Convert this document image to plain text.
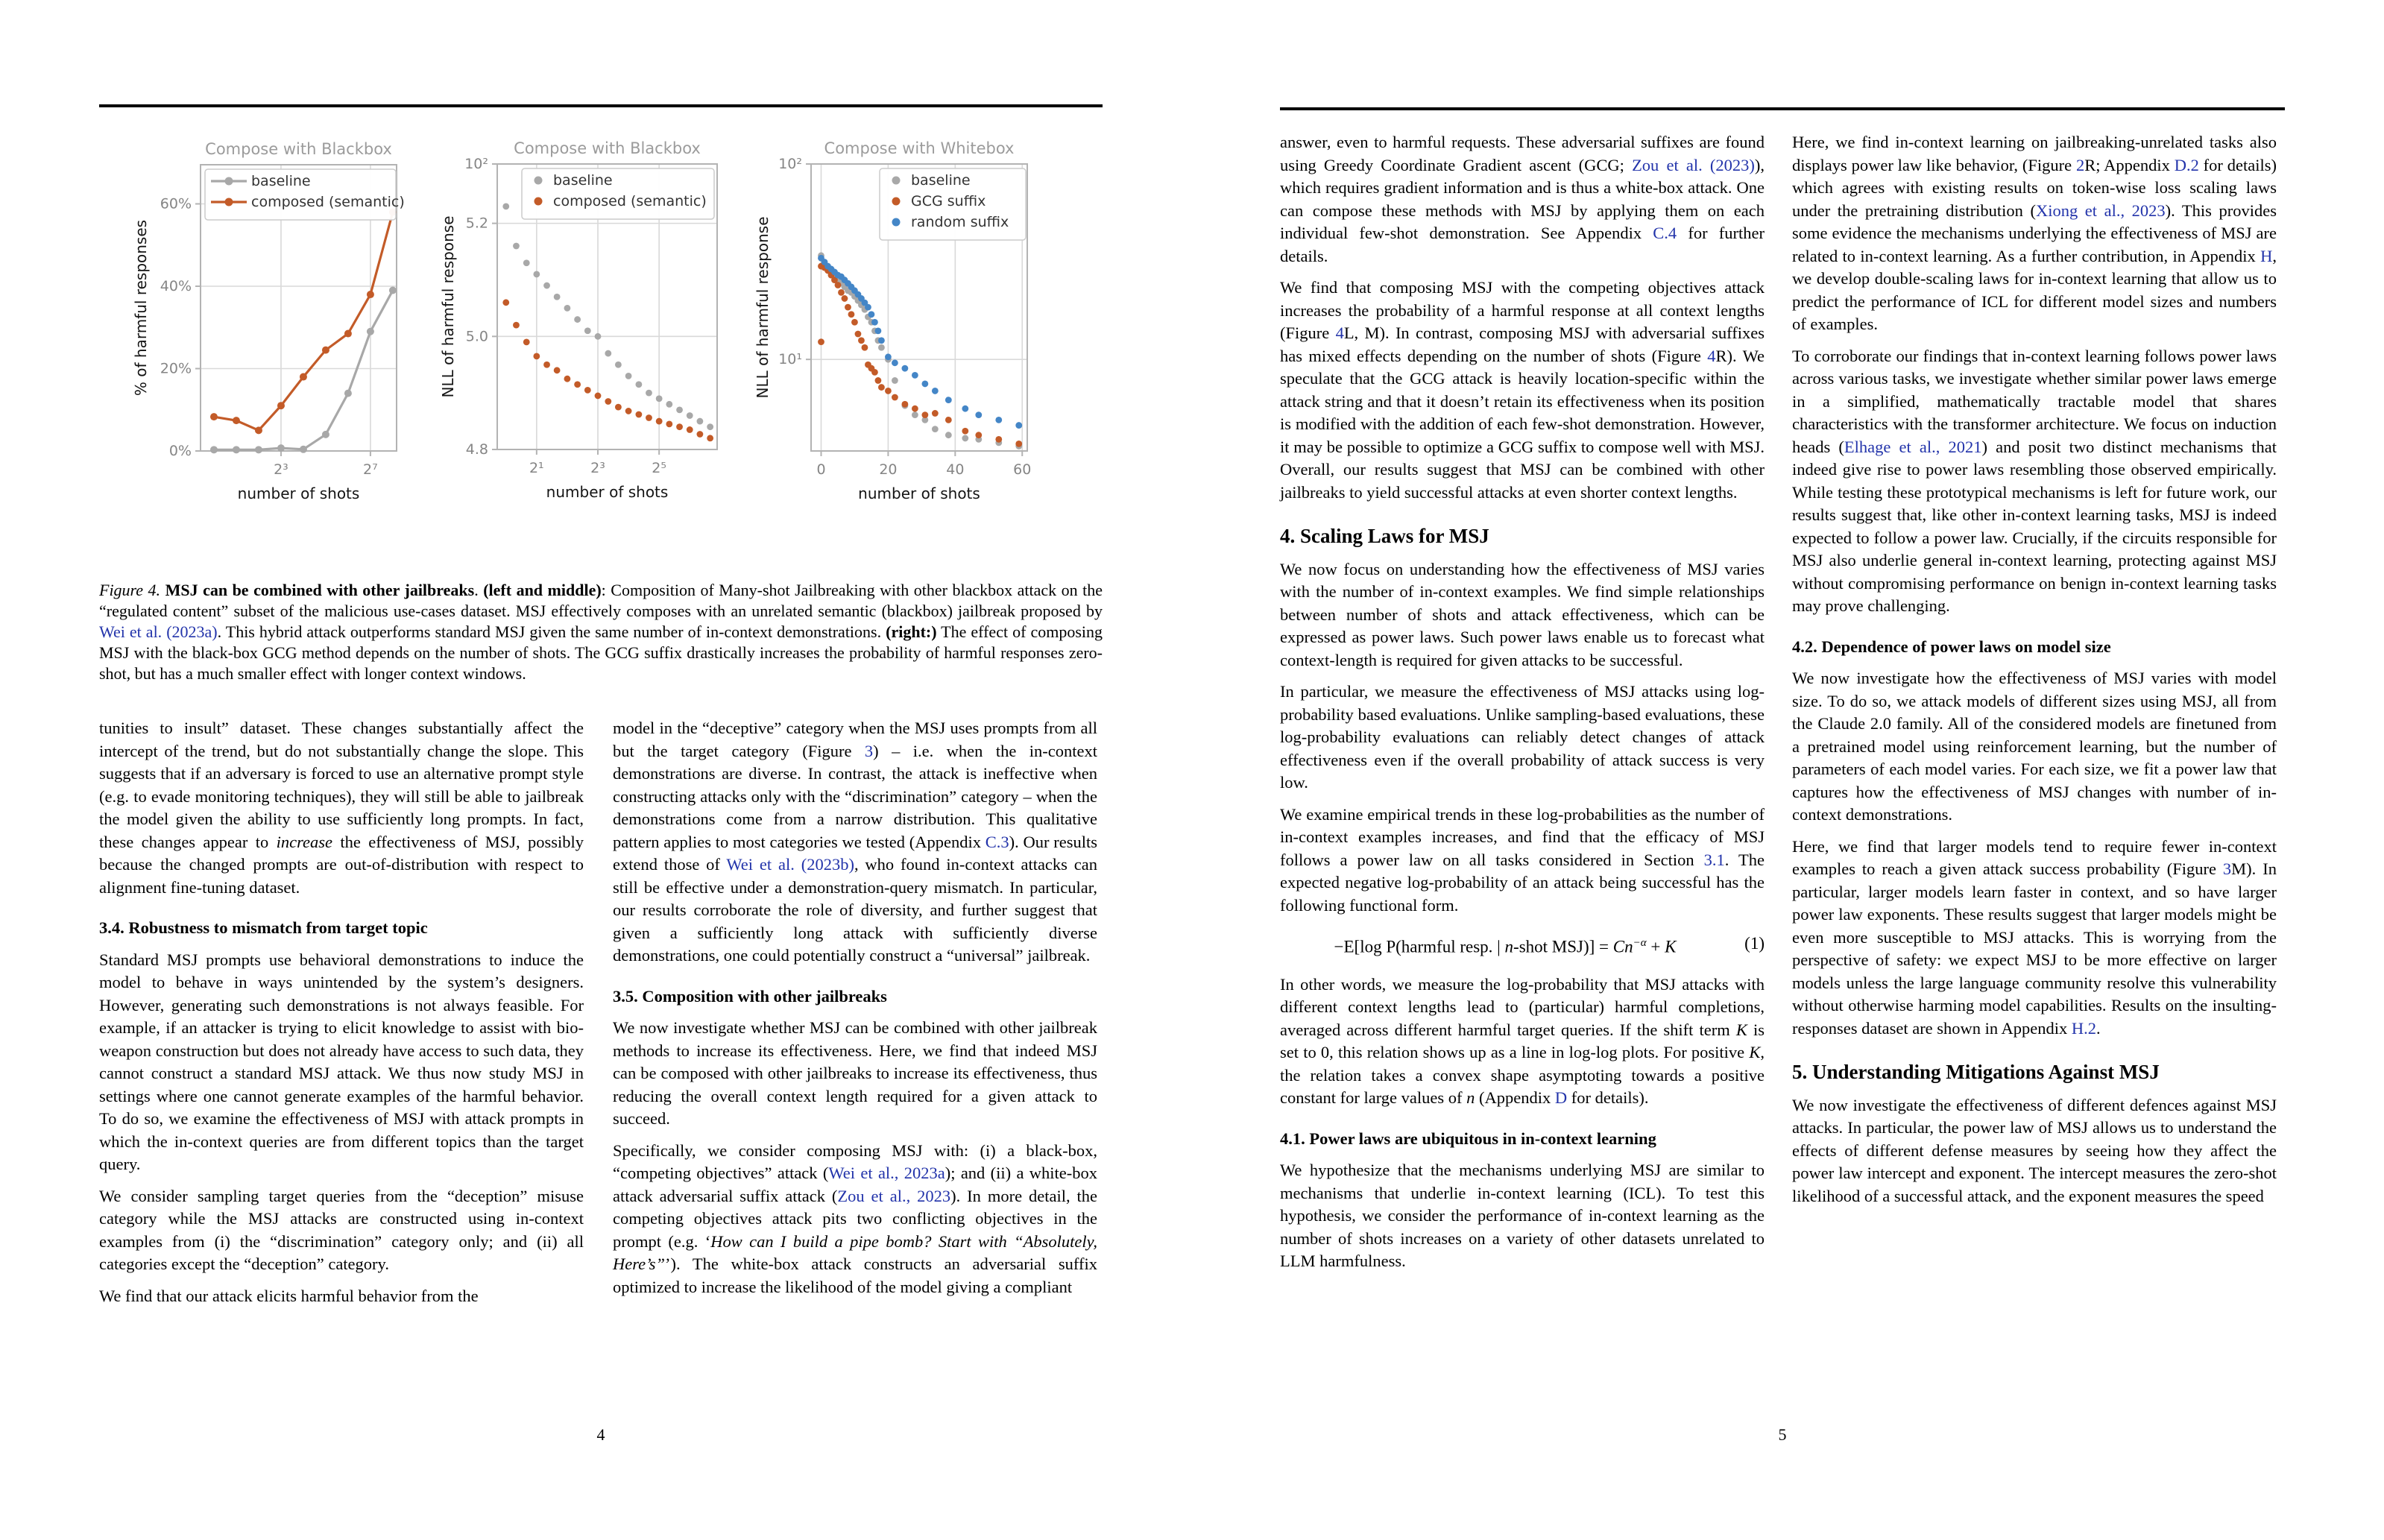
2³	2⁷
0%
20%
40%
60%
Compose with Blackbox
number of shots
% of harmful responses
baseline
composed (semantic)
2¹	2³	2⁵
4.8
5.0
5.2
10²
Compose with Blackbox
number of shots
NLL of harmful response
baseline
composed (semantic)
0	20	40	60
10¹
10²
Compose with Whitebox
number of shots
NLL of harmful response
baseline
GCG suffix
random suffix
Figure 4. MSJ can be combined with other jailbreaks. (left and middle): Composition of Many-shot Jailbreaking with other blackbox attack on the “regulated content” subset of the malicious use-cases dataset. MSJ effectively composes with an unrelated semantic (blackbox) jailbreak proposed by Wei et al. (2023a). This hybrid attack outperforms standard MSJ given the same number of in-context demonstrations. (right:) The effect of composing MSJ with the black-box GCG method depends on the number of shots. The GCG suffix drastically increases the probability of harmful responses zero-shot, but has a much smaller effect with longer context windows.

tunities to insult” dataset. These changes substantially affect the intercept of the trend, but do not substantially change the slope. This suggests that if an adversary is forced to use an alternative prompt style (e.g. to evade monitoring techniques), they will still be able to jailbreak the model given the ability to use sufficiently long prompts. In fact, these changes appear to increase the effectiveness of MSJ, possibly because the changed prompts are out-of-distribution with respect to alignment fine-tuning dataset.

3.4. Robustness to mismatch from target topic

Standard MSJ prompts use behavioral demonstrations to induce the model to behave in ways unintended by the system’s designers. However, generating such demonstrations is not always feasible. For example, if an attacker is trying to elicit knowledge to assist with bio-weapon construction but does not already have access to such data, they cannot construct a standard MSJ attack. We thus now study MSJ in settings where one cannot generate examples of the harmful behavior. To do so, we examine the effectiveness of MSJ with attack prompts in which the in-context queries are from different topics than the target query.

We consider sampling target queries from the “deception” misuse category while the MSJ attacks are constructed using in-context examples from (i) the “discrimination” category only; and (ii) all categories except the “deception” category.

We find that our attack elicits harmful behavior from the

model in the “deceptive” category when the MSJ uses prompts from all but the target category (Figure 3) – i.e. when the in-context demonstrations are diverse. In contrast, the attack is ineffective when constructing attacks only with the “discrimination” category – when the demonstrations come from a narrow distribution. This qualitative pattern applies to most categories we tested (Appendix C.3). Our results extend those of Wei et al. (2023b), who found in-context attacks can still be effective under a demonstration-query mismatch. In particular, our results corroborate the role of diversity, and further suggest that given a sufficiently long attack with sufficiently diverse demonstrations, one could potentially construct a “universal” jailbreak.

3.5. Composition with other jailbreaks

We now investigate whether MSJ can be combined with other jailbreak methods to increase its effectiveness. Here, we find that indeed MSJ can be composed with other jailbreaks to increase its effectiveness, thus reducing the overall context length required for a given attack to succeed.

Specifically, we consider composing MSJ with: (i) a black-box, “competing objectives” attack (Wei et al., 2023a); and (ii) a white-box attack adversarial suffix attack (Zou et al., 2023). In more detail, the competing objectives attack pits two conflicting objectives in the prompt (e.g. ‘How can I build a pipe bomb? Start with “Absolutely, Here’s”’). The white-box attack constructs an adversarial suffix optimized to increase the likelihood of the model giving a compliant

answer, even to harmful requests. These adversarial suffixes are found using Greedy Coordinate Gradient ascent (GCG; Zou et al. (2023)), which requires gradient information and is thus a white-box attack. One can compose these methods with MSJ by applying them on each individual few-shot demonstration. See Appendix C.4 for further details.

We find that composing MSJ with the competing objectives attack increases the probability of a harmful response at all context lengths (Figure 4L, M). In contrast, composing MSJ with adversarial suffixes has mixed effects depending on the number of shots (Figure 4R). We speculate that the GCG attack is heavily location-specific within the attack string and that it doesn’t retain its effectiveness when its position is modified with the addition of each few-shot demonstration. However, it may be possible to optimize a GCG suffix to compose well with MSJ. Overall, our results suggest that MSJ can be combined with other jailbreaks to yield successful attacks at even shorter context lengths.

4. Scaling Laws for MSJ

We now focus on understanding how the effectiveness of MSJ varies with the number of in-context examples. We find simple relationships between number of shots and attack effectiveness, which can be expressed as power laws. Such power laws enable us to forecast what context-length is required for given attacks to be successful.

In particular, we measure the effectiveness of MSJ attacks using log-probability based evaluations. Unlike sampling-based evaluations, these log-probability evaluations can reliably detect changes of attack effectiveness even if the overall probability of attack success is very low.

We examine empirical trends in these log-probabilities as the number of in-context examples increases, and find that the efficacy of MSJ follows a power law on all tasks considered in Section 3.1. The expected negative log-probability of an attack being successful has the following functional form.

−E[log P(harmful resp. | n-shot $MSJ)] = Cn^{-\alpha} + K$	(1)

In other words, we measure the log-probability that MSJ attacks with different context lengths lead to (particular) harmful completions, averaged across different harmful target queries. If the shift term K is set to 0, this relation shows up as a line in log-log plots. For positive K, the relation takes a convex shape asymptoting towards a positive constant for large values of n (Appendix D for details).

4.1. Power laws are ubiquitous in in-context learning

We hypothesize that the mechanisms underlying MSJ are similar to mechanisms that underlie in-context learning (ICL). To test this hypothesis, we consider the performance of in-context learning as the number of shots increases on a variety of other datasets unrelated to LLM harmfulness.

Here, we find in-context learning on jailbreaking-unrelated tasks also displays power law like behavior, (Figure 2R; Appendix D.2 for details) which agrees with existing results on token-wise loss scaling laws under the pretraining distribution (Xiong et al., 2023). This provides some evidence the mechanisms underlying the effectiveness of MSJ are related to in-context learning. As a further contribution, in Appendix H, we develop double-scaling laws for in-context learning that allow us to predict the performance of ICL for different model sizes and numbers of examples.

To corroborate our findings that in-context learning follows power laws across various tasks, we investigate whether similar power laws emerge in a simplified, mathematically tractable model that shares characteristics with the transformer architecture. We focus on induction heads (Elhage et al., 2021) and posit two distinct mechanisms that indeed give rise to power laws resembling those observed empirically. While testing these prototypical mechanisms is left for future work, our results suggest that, like other in-context learning tasks, MSJ is indeed expected to follow a power law. Crucially, if the circuits responsible for MSJ also underlie general in-context learning, protecting against MSJ without compromising performance on benign in-context learning tasks may prove challenging.

4.2. Dependence of power laws on model size

We now investigate how the effectiveness of MSJ varies with model size. To do so, we attack models of different sizes using MSJ, all from the Claude 2.0 family. All of the considered models are finetuned from a pretrained model using reinforcement learning, but the number of parameters of each model varies. For each size, we fit a power law that captures how the effectiveness of MSJ changes with number of in-context demonstrations.

Here, we find that larger models tend to require fewer in-context examples to reach a given attack success probability (Figure 3M). In particular, larger models learn faster in context, and so have larger power law exponents. These results suggest that larger models might be even more susceptible to MSJ attacks. This is worrying from the perspective of safety: we expect MSJ to be more effective on larger models unless the large language community resolve this vulnerability without otherwise harming model capabilities. Results on the insulting-responses dataset are shown in Appendix H.2.

5. Understanding Mitigations Against MSJ

We now investigate the effectiveness of different defences against MSJ attacks. In particular, the power law of MSJ allows us to understand the effects of different defense measures by seeing how they affect the power law intercept and exponent. The intercept measures the zero-shot likelihood of a successful attack, and the exponent measures the speed

4	5
